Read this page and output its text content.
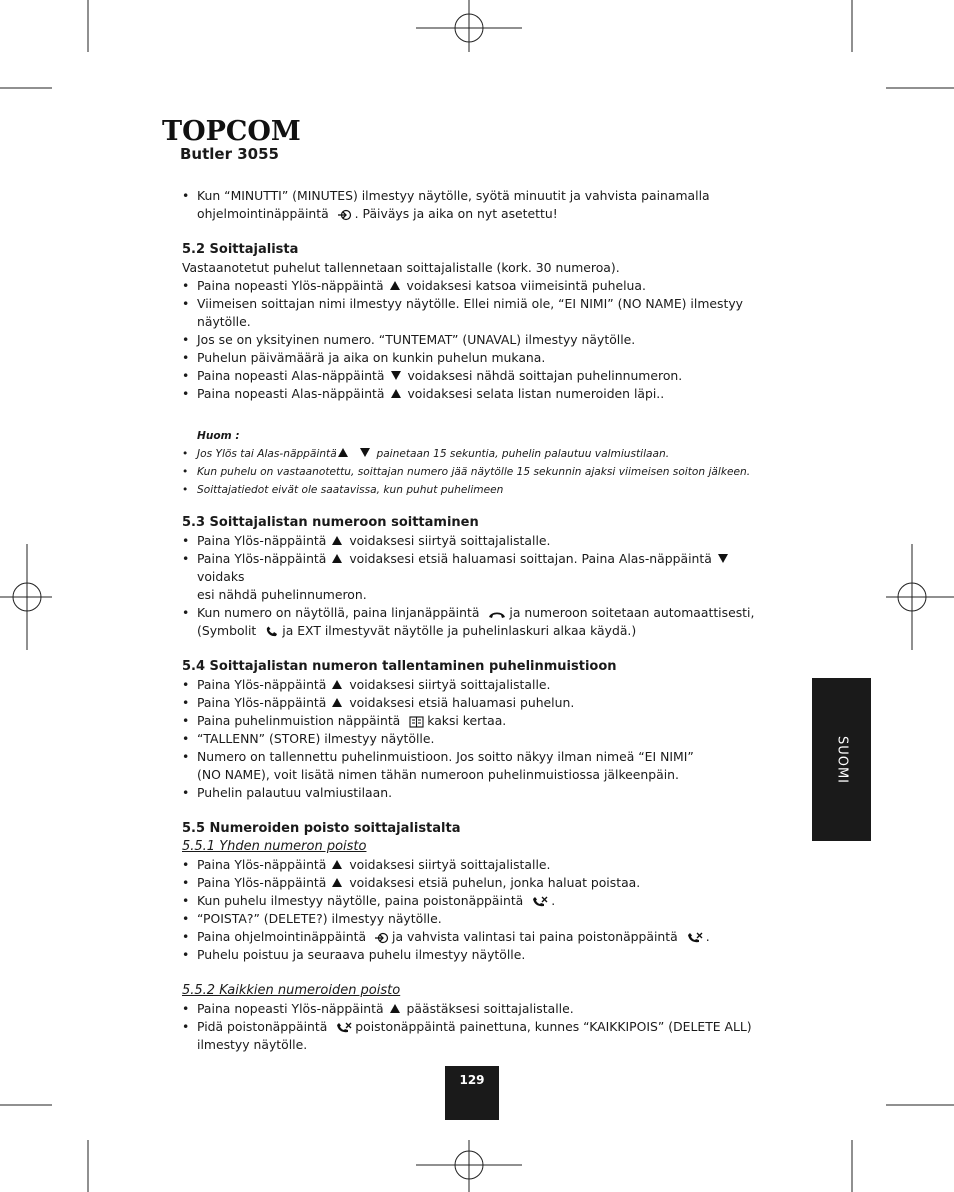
TOPCOM
Butler 3055
• Kun “MINUTTI” (MINUTES) ilmestyy näytölle, syötä minuutit ja vahvista painamalla
ohjelmointinäppäintä . Päiväys ja aika on nyt asetettu!

5.2 Soittajalista

Vastaanotetut puhelut tallennetaan soittajalistalle (kork. 30 numeroa).

• Paina nopeasti Ylös-näppäintä voidaksesi katsoa viimeisintä puhelua.
• Viimeisen soittajan nimi ilmestyy näytölle. Ellei nimiä ole, “EI NIMI” (NO NAME) ilmestyy
näytölle.
• Jos se on yksityinen numero. “TUNTEMAT” (UNAVAL) ilmestyy näytölle.
• Puhelun päivämäärä ja aika on kunkin puhelun mukana.
• Paina nopeasti Alas-näppäintä voidaksesi nähdä soittajan puhelinnumeron.
• Paina nopeasti Alas-näppäintä voidaksesi selata listan numeroiden läpi..
Huom :
• Jos Ylös tai Alas-näppäintä	painetaan 15 sekuntia, puhelin palautuu valmiustilaan.
• Kun puhelu on vastaanotettu, soittajan numero jää näytölle 15 sekunnin ajaksi viimeisen soiton jälkeen.
• Soittajatiedot eivät ole saatavissa, kun puhut puhelimeen

5.3 Soittajalistan numeroon soittaminen

• Paina Ylös-näppäintä voidaksesi siirtyä soittajalistalle.
• Paina Ylös-näppäintä voidaksesi etsiä haluamasi soittajan. Paina Alas-näppäintä voidaks
esi nähdä puhelinnumeron.
• Kun numero on näytöllä, paina linjanäppäintä ja numeroon soitetaan automaattisesti,
(Symbolit ja EXT ilmestyvät näytölle ja puhelinlaskuri alkaa käydä.)

5.4 Soittajalistan numeron tallentaminen puhelinmuistioon

• Paina Ylös-näppäintä voidaksesi siirtyä soittajalistalle.
• Paina Ylös-näppäintä voidaksesi etsiä haluamasi puhelun.
• Paina puhelinmuistion näppäintä kaksi kertaa.
• “TALLENN” (STORE) ilmestyy näytölle.
• Numero on tallennettu puhelinmuistioon. Jos soitto näkyy ilman nimeä “EI NIMI”
(NO NAME), voit lisätä nimen tähän numeroon puhelinmuistiossa jälkeenpäin.
• Puhelin palautuu valmiustilaan.

5.5 Numeroiden poisto soittajalistalta

5.5.1 Yhden numeron poisto

• Paina Ylös-näppäintä voidaksesi siirtyä soittajalistalle.
• Paina Ylös-näppäintä voidaksesi etsiä puhelun, jonka haluat poistaa.
• Kun puhelu ilmestyy näytölle, paina poistonäppäintä .
• “POISTA?” (DELETE?) ilmestyy näytölle.
• Paina ohjelmointinäppäintä ja vahvista valintasi tai paina poistonäppäintä .
• Puhelu poistuu ja seuraava puhelu ilmestyy näytölle.

5.5.2 Kaikkien numeroiden poisto

• Paina nopeasti Ylös-näppäintä päästäksesi soittajalistalle.
• Pidä poistonäppäintä poistonäppäintä painettuna, kunnes “KAIKKIPOIS” (DELETE ALL)
ilmestyy näytölle.
SUOMI
129
